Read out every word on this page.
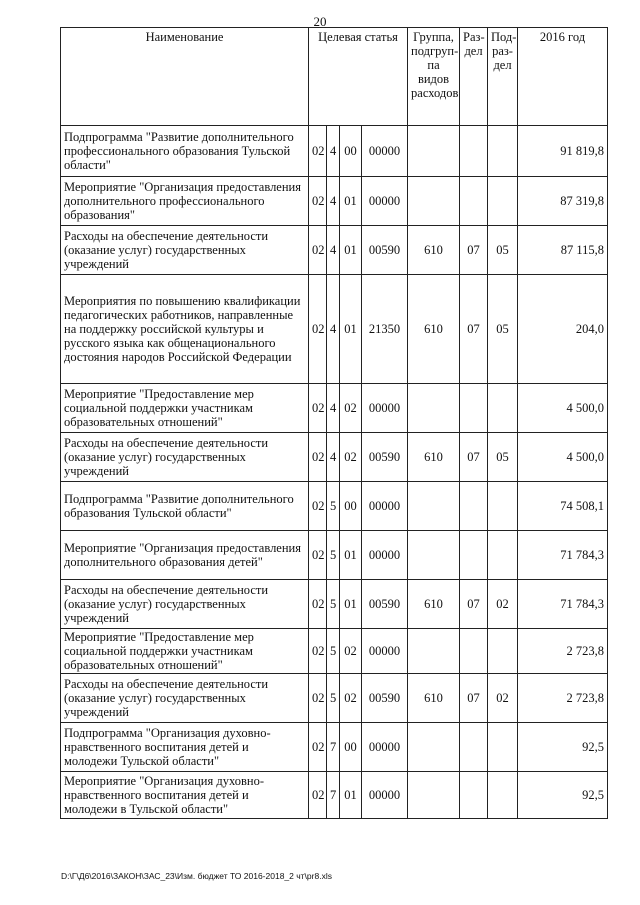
20
Наименование	Целевая статья				Группа, подгруп-па видов расходов	Раз-дел	Под-раз-дел	2016 год
Подпрограмма "Развитие дополнительного профессионального образования Тульской области"	02	4	00	00000				91 819,8
Мероприятие "Организация предоставления дополнительного профессионального образования"	02	4	01	00000				87 319,8
Расходы на обеспечение деятельности (оказание услуг) государственных учреждений	02	4	01	00590	610	07	05	87 115,8
Мероприятия по повышению квалификации педагогических работников, направленные на поддержку российской культуры и русского языка как общенационального достояния народов Российской Федерации	02	4	01	21350	610	07	05	204,0
Мероприятие "Предоставление мер социальной поддержки участникам образовательных отношений"	02	4	02	00000				4 500,0
Расходы на обеспечение деятельности (оказание услуг) государственных учреждений	02	4	02	00590	610	07	05	4 500,0
Подпрограмма "Развитие дополнительного образования Тульской области"	02	5	00	00000				74 508,1
Мероприятие "Организация предоставления дополнительного образования детей"	02	5	01	00000				71 784,3
Расходы на обеспечение деятельности (оказание услуг) государственных учреждений	02	5	01	00590	610	07	02	71 784,3
Мероприятие "Предоставление мер социальной поддержки участникам образовательных отношений"	02	5	02	00000				2 723,8
Расходы на обеспечение деятельности (оказание услуг) государственных учреждений	02	5	02	00590	610	07	02	2 723,8
Подпрограмма "Организация духовно-нравственного воспитания детей и молодежи Тульской области"	02	7	00	00000				92,5
Мероприятие "Организация духовно-нравственного воспитания детей и молодежи в Тульской области"	02	7	01	00000				92,5
D:\Г\Д6\2016\ЗАКОН\ЗАС_23\Изм. бюджет ТО 2016-2018_2 чт\pr8.xls
